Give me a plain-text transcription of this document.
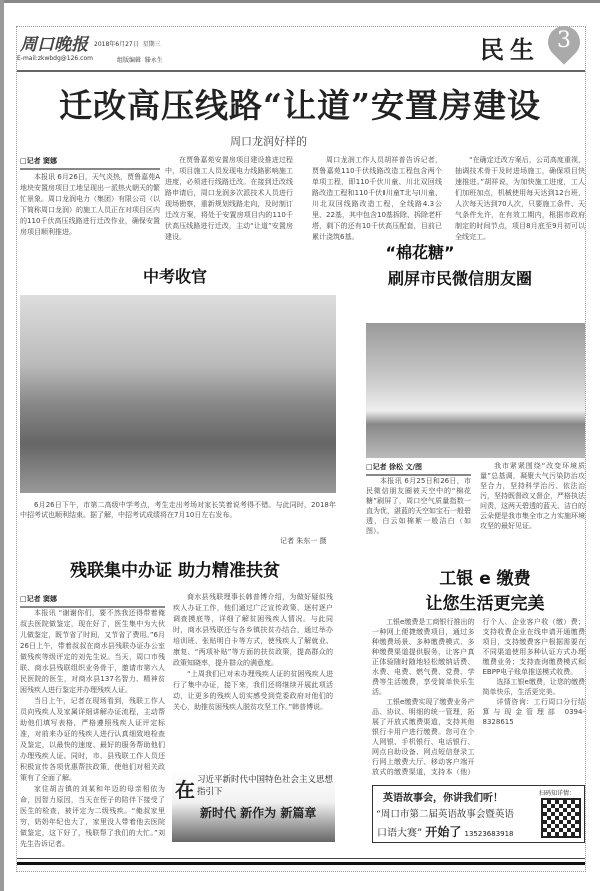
周口晚报 2018年6月27日 星期三
E-mail:zkwbdg@126.com	组版编辑 滕永生	民生 3
迁改高压线路“让道”安置房建设
周口龙润好样的
□记者 窦娜

本报讯 6月26日，天气炎热，贾鲁嘉苑A地块安置房项目工地呈现出一派热火朝天的繁忙景象。周口龙润电力（集团）有限公司（以下简称周口龙润）的施工人员正在对项目区内的110千伏高压线路进行迁改作业，确保安置房项目顺利推进。

在贾鲁嘉苑安置房项目建设推进过程中，项目施工人员发现电力线路影响施工进度，必须进行线路迁改。在接到迁改线路申请后，周口龙润多次派技术人员进行现场勘察，重新规划线路走向，及时制订迁改方案，将处于安置房项目内的110千伏高压线路进行迁改，主动“让道”安置房建设。

周口龙润工作人员胡祥普告诉记者，贾鲁嘉苑110千伏线路改造工程包含两个单项工程，即110千伏川童、川北双回线路改造工程和110千伏Ⅱ川童T北与Ⅰ川童、川北双回线路改造工程，全线路4.3公里、22基，其中包含10基拆除、拆除老杆塔，剩下的还有10千伏高压配套，目前已累计浇筑6基。

“在确定迁改方案后，公司高度重视，抽调技术骨干及时进场施工，确保项目快速推进。”胡祥说，为加快施工进度，工人们加班加点，机械使用每天达到12台班，人次每天达到70人次，只要施工条件、天气条件允许，在有效工期内，根据市政府制定的时间节点，项目8月底至9月初可以全线完工。

中考收官

6月26日下午，市第二高级中学考点，考生走出考场对家长笑着说考得不错。与此同时，2018年中招考试也顺利结束。据了解，中招考试成绩将在7月10日左右发布。

记者 朱东一 摄
“棉花糖”
刷屏市民微信朋友圈
□记者 徐松 文/图

本报讯 6月25日和26日，市民微信朋友圈被天空中的“棉花糖”刷屏了，周口空气质量指数一直为优，湛蓝的天空如宝石一般碧透，白云如棉絮一般洁白（如图）。

我市紧紧围绕“改变环境质量”总基调，凝聚大气污染防治攻坚合力，坚持科学治污、依法治污，坚持既督政又督企，严格执法问责，这两天碧透的蓝天、洁白的云朵便是我市集全市之力实施环境攻坚的最好见证。

残联集中办证 助力精准扶贫
□记者 窦娜

本报讯 “谢谢你们，要不然我还得带着俺叔去医院做鉴定，现在好了，医生集中为大伙儿做鉴定，既节省了时间，又节省了费用。”6月26日上午，带着叔叔在商水县残联办证办公室做残疾等级评定的刘先生说。当天，周口市残联、商水县残联组织业务骨干，邀请市第六人民医院的医生，对商水县137名智力、精神贫困残疾人进行鉴定并办理残疾人证。

当日上午，记者在现场看到，残联工作人员向残疾人及家属详细讲解办证流程，主动帮助他们填写表格，严格遵照残疾人证评定标准，对前来办证的残疾人进行认真细致地检查及鉴定，以最快的速度、最好的服务帮助他们办理残疾人证。同时，市、县残联工作人员还积极宣传各项优惠帮扶政策，使他们对相关政策有了全面了解。

家住胡吉镇的刘某和年迈的母亲相依为命，因智力原因，当天在侄子的陪伴下接受了医生的检查，被评定为二级残疾。“俺叔家里穷，奶奶年纪也大了，家里没人带着他去医院做鉴定，这下好了，残联帮了我们的大忙。”刘先生告诉记者。

商水县残联理事长韩普博介绍，为做好疑似残疾人办证工作，他们通过广泛宣传政策、逐村逐户调查摸底等，详细了解贫困残疾人情况。与此同时，商水县残联还与各乡镇扶贫办结合，通过举办培训班、张贴明白卡等方式，使残疾人了解就业、康复、“两项补贴”等方面的扶贫政策，提高群众的政策知晓率，提升群众的满意度。

“上周我们已对未办理残疾人证的贫困残疾人进行了集中办证，接下来，我们还将继续开展此项活动，让更多的残疾人切实感受到党委政府对他们的关心，助推贫困残疾人脱贫攻坚工作。”韩普博说。

在 习近平新时代中国特色社会主义思想
指引下
新时代 新作为 新篇章
工银 e 缴费
让您生活更完美

工银e缴费是工商银行推出的一种网上便捷缴费项目，通过多种缴费场景、多种缴费模式、多种缴费渠道提供服务，让客户真正体验随时随地轻松缴纳话费、水费、电费、燃气费、党费、学费等生活缴费，享受简单快乐生活。

工银e缴费实现了缴费业务产品、协议、明细的统一管理，拓展了开放式缴费渠道，支持其他银行卡用户进行缴费。您可在个人网银、手机银行、电话银行、网点自助设备、网点短信登录工行网上缴费大厅、移动客户端开放式的缴费渠道，支持本（他）行个人、企业客户收（缴）费；支持收费企业在线申请开通缴费项目，支持缴费客户根据需要在不同渠道使用多种认证方式办理缴费业务；支持查询缴费模式和EBPP电子账单推送模式收费。

选择工银e缴费，让您的缴费简单快乐，生活更完美。

详情咨询：工行周口分行结算与现金管理部 0394-8328615

英语故事会，你讲我们听！
“周口市第二届英语故事会暨英语
口语大赛” 开始了 13523683918
扫码知详情：
